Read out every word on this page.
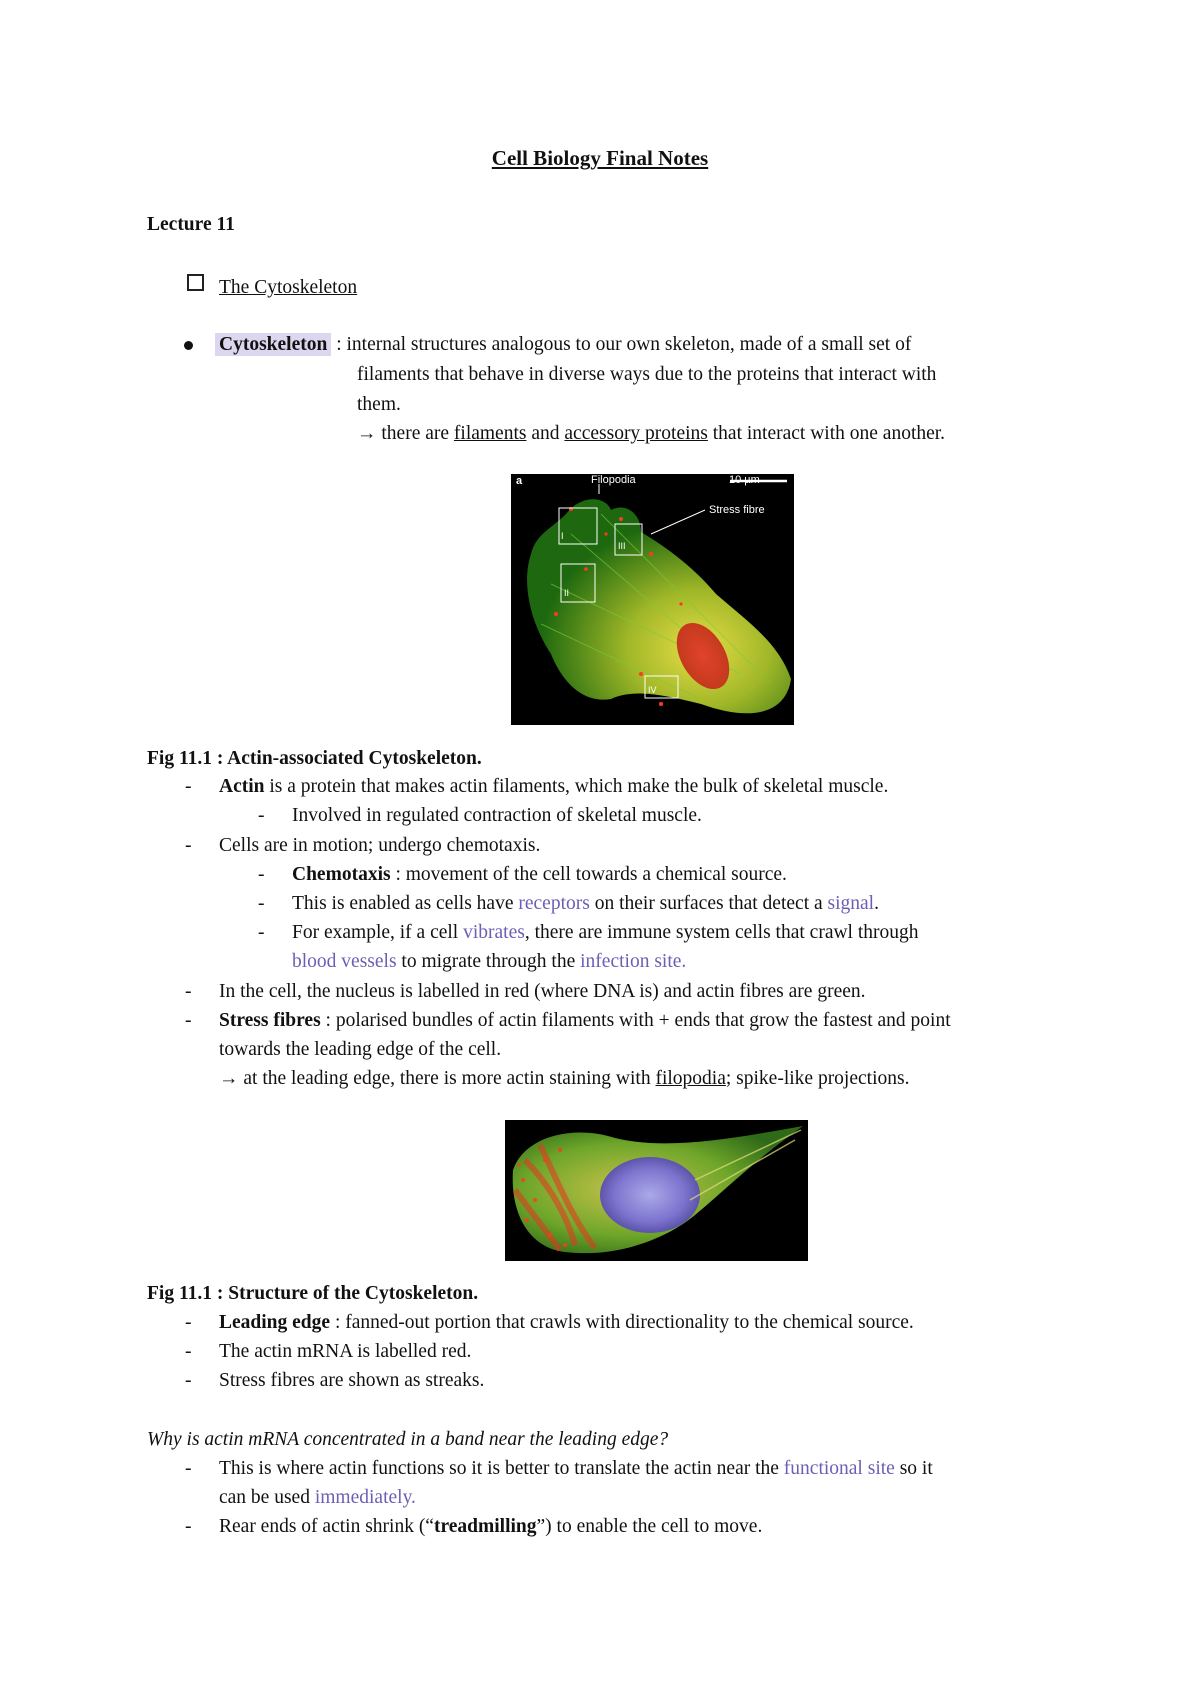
Cell Biology Final Notes
Lecture 11
The Cytoskeleton
Cytoskeleton : internal structures analogous to our own skeleton, made of a small set of
filaments that behave in diverse ways due to the proteins that interact with
them.
→ there are filaments and accessory proteins that interact with one another.
a	Filopodia	10 µm
Stress fibre
I
III
II
IV
Fig 11.1 : Actin-associated Cytoskeleton.
- Actin is a protein that makes actin filaments, which make the bulk of skeletal muscle.
- Involved in regulated contraction of skeletal muscle.
- Cells are in motion; undergo chemotaxis.
- Chemotaxis : movement of the cell towards a chemical source.
- This is enabled as cells have receptors on their surfaces that detect a signal.
- For example, if a cell vibrates, there are immune system cells that crawl through
blood vessels to migrate through the infection site.
- In the cell, the nucleus is labelled in red (where DNA is) and actin fibres are green.
- Stress fibres : polarised bundles of actin filaments with + ends that grow the fastest and point
towards the leading edge of the cell.
→ at the leading edge, there is more actin staining with filopodia; spike-like projections.
Fig 11.1 : Structure of the Cytoskeleton.
- Leading edge : fanned-out portion that crawls with directionality to the chemical source.
- The actin mRNA is labelled red.
- Stress fibres are shown as streaks.
Why is actin mRNA concentrated in a band near the leading edge?
- This is where actin functions so it is better to translate the actin near the functional site so it
can be used immediately.
- Rear ends of actin shrink (“treadmilling”) to enable the cell to move.
